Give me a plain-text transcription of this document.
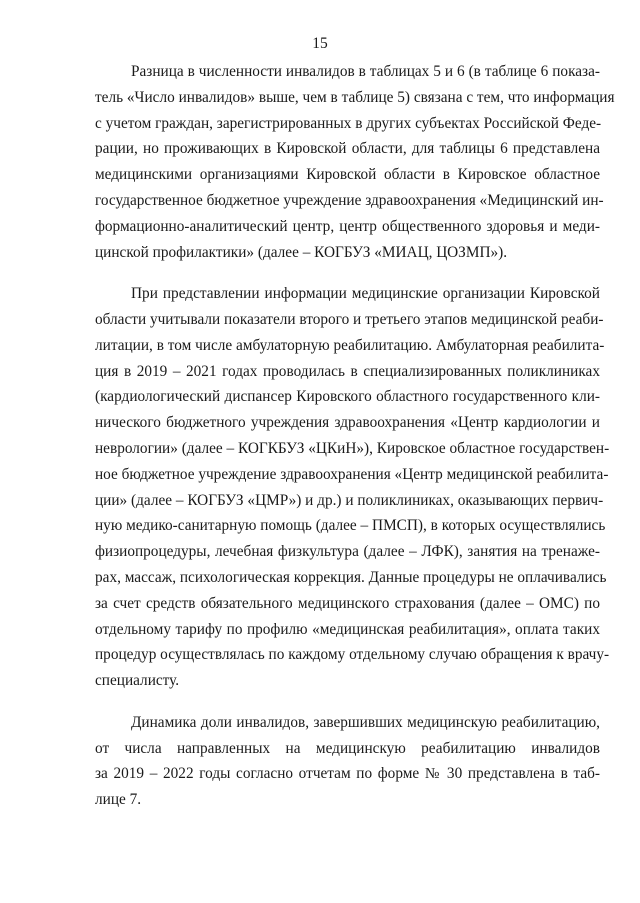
15
Разница в численности инвалидов в таблицах 5 и 6 (в таблице 6 показа-
тель «Число инвалидов» выше, чем в таблице 5) связана с тем, что информация
с учетом граждан, зарегистрированных в других субъектах Российской Феде-
рации, но проживающих в Кировской области, для таблицы 6 представлена
медицинскими организациями Кировской области в Кировское областное
государственное бюджетное учреждение здравоохранения «Медицинский ин-
формационно-аналитический центр, центр общественного здоровья и меди-
цинской профилактики» (далее – КОГБУЗ «МИАЦ, ЦОЗМП»).
При представлении информации медицинские организации Кировской
области учитывали показатели второго и третьего этапов медицинской реаби-
литации, в том числе амбулаторную реабилитацию. Амбулаторная реабилита-
ция в 2019 – 2021 годах проводилась в специализированных поликлиниках
(кардиологический диспансер Кировского областного государственного кли-
нического бюджетного учреждения здравоохранения «Центр кардиологии и
неврологии» (далее – КОГКБУЗ «ЦКиН»), Кировское областное государствен-
ное бюджетное учреждение здравоохранения «Центр медицинской реабилита-
ции» (далее – КОГБУЗ «ЦМР») и др.) и поликлиниках, оказывающих первич-
ную медико-санитарную помощь (далее – ПМСП), в которых осуществлялись
физиопроцедуры, лечебная физкультура (далее – ЛФК), занятия на тренаже-
рах, массаж, психологическая коррекция. Данные процедуры не оплачивались
за счет средств обязательного медицинского страхования (далее – ОМС) по
отдельному тарифу по профилю «медицинская реабилитация», оплата таких
процедур осуществлялась по каждому отдельному случаю обращения к врачу-
специалисту.
Динамика доли инвалидов, завершивших медицинскую реабилитацию,
от числа направленных на медицинскую реабилитацию инвалидов
за 2019 – 2022 годы согласно отчетам по форме № 30 представлена в таб-
лице 7.
